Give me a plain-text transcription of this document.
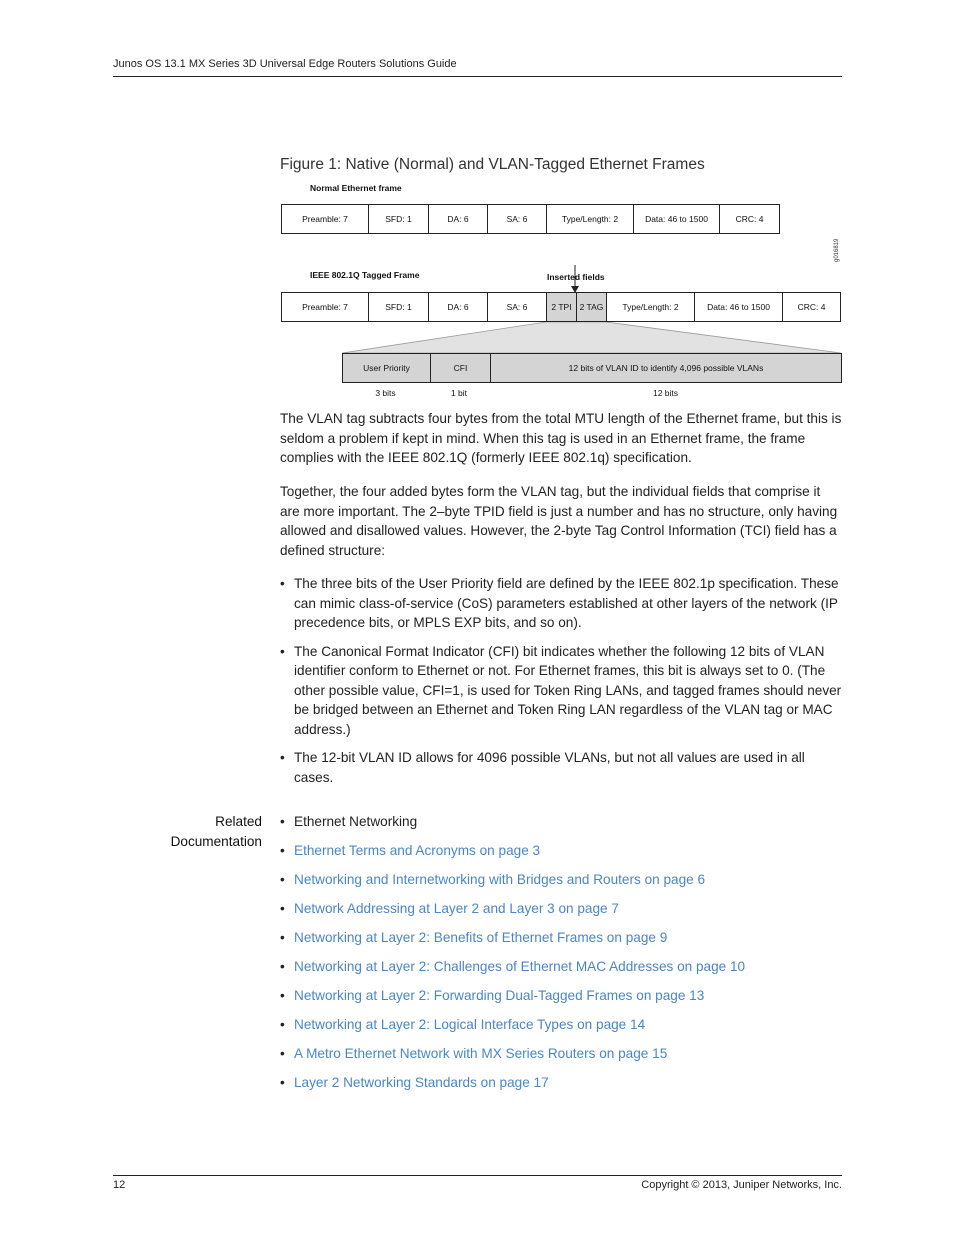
Junos OS 13.1 MX Series 3D Universal Edge Routers Solutions Guide
Figure 1: Native (Normal) and VLAN-Tagged Ethernet Frames
Normal Ethernet frame
Preamble: 7	SFD: 1	DA: 6	SA: 6	Type/Length: 2	Data: 46 to 1500	CRC: 4
g016819
IEEE 802.1Q Tagged Frame	Inserted fields
Preamble: 7	SFD: 1	DA: 6	SA: 6	2 TPI 2 TAG	Type/Length: 2	Data: 46 to 1500	CRC: 4
User Priority	CFI	12 bits of VLAN ID to identify 4,096 possible VLANs
3 bits	1 bit	12 bits

The VLAN tag subtracts four bytes from the total MTU length of the Ethernet frame, but this is seldom a problem if kept in mind. When this tag is used in an Ethernet frame, the frame complies with the IEEE 802.1Q (formerly IEEE 802.1q) specification.

Together, the four added bytes form the VLAN tag, but the individual fields that comprise it are more important. The 2–byte TPID field is just a number and has no structure, only having allowed and disallowed values. However, the 2-byte Tag Control Information (TCI) field has a defined structure:

• The three bits of the User Priority field are defined by the IEEE 802.1p specification. These can mimic class-of-service (CoS) parameters established at other layers of the network (IP precedence bits, or MPLS EXP bits, and so on).
• The Canonical Format Indicator (CFI) bit indicates whether the following 12 bits of VLAN identifier conform to Ethernet or not. For Ethernet frames, this bit is always set to 0. (The other possible value, CFI=1, is used for Token Ring LANs, and tagged frames should never be bridged between an Ethernet and Token Ring LAN regardless of the VLAN tag or MAC address.)
• The 12-bit VLAN ID allows for 4096 possible VLANs, but not all values are used in all cases.
Related
Documentation
• Ethernet Networking
• Ethernet Terms and Acronyms on page 3
• Networking and Internetworking with Bridges and Routers on page 6
• Network Addressing at Layer 2 and Layer 3 on page 7
• Networking at Layer 2: Benefits of Ethernet Frames on page 9
• Networking at Layer 2: Challenges of Ethernet MAC Addresses on page 10
• Networking at Layer 2: Forwarding Dual-Tagged Frames on page 13
• Networking at Layer 2: Logical Interface Types on page 14
• A Metro Ethernet Network with MX Series Routers on page 15
• Layer 2 Networking Standards on page 17
12	Copyright © 2013, Juniper Networks, Inc.
